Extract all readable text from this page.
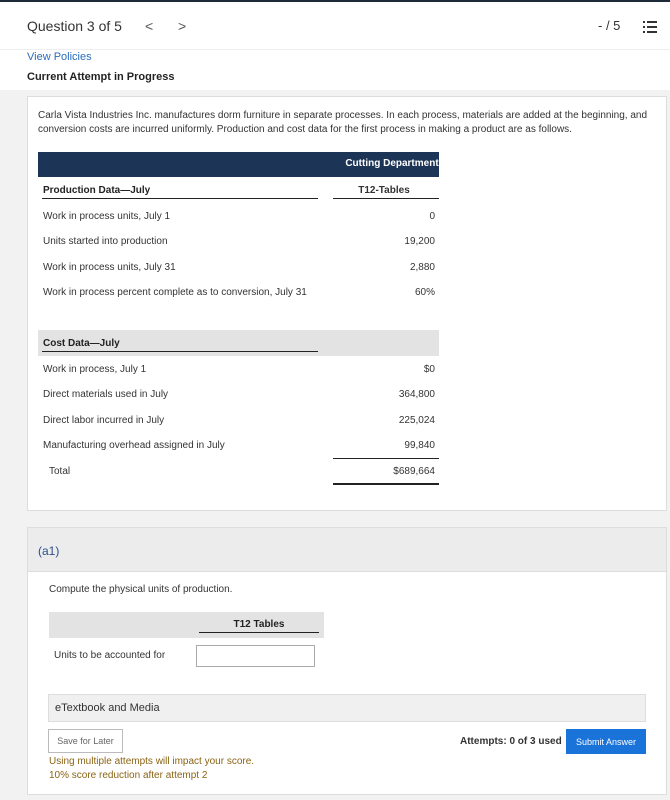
Question 3 of 5 < >	- / 5
View Policies
Current Attempt in Progress
Carla Vista Industries Inc. manufactures dorm furniture in separate processes. In each process, materials are added at the beginning, and conversion costs are incurred uniformly. Production and cost data for the first process in making a product are as follows.
Cutting Department
Production Data—July	T12-Tables
Work in process units, July 1	0
Units started into production	19,200
Work in process units, July 31	2,880
Work in process percent complete as to conversion, July 31	60%
Cost Data—July
Work in process, July 1	$0
Direct materials used in July	364,800
Direct labor incurred in July	225,024
Manufacturing overhead assigned in July	99,840
Total	$689,664
(a1)
Compute the physical units of production.
T12 Tables
Units to be accounted for
eTextbook and Media
Save for Later	Attempts: 0 of 3 used	Submit Answer
Using multiple attempts will impact your score.
10% score reduction after attempt 2
